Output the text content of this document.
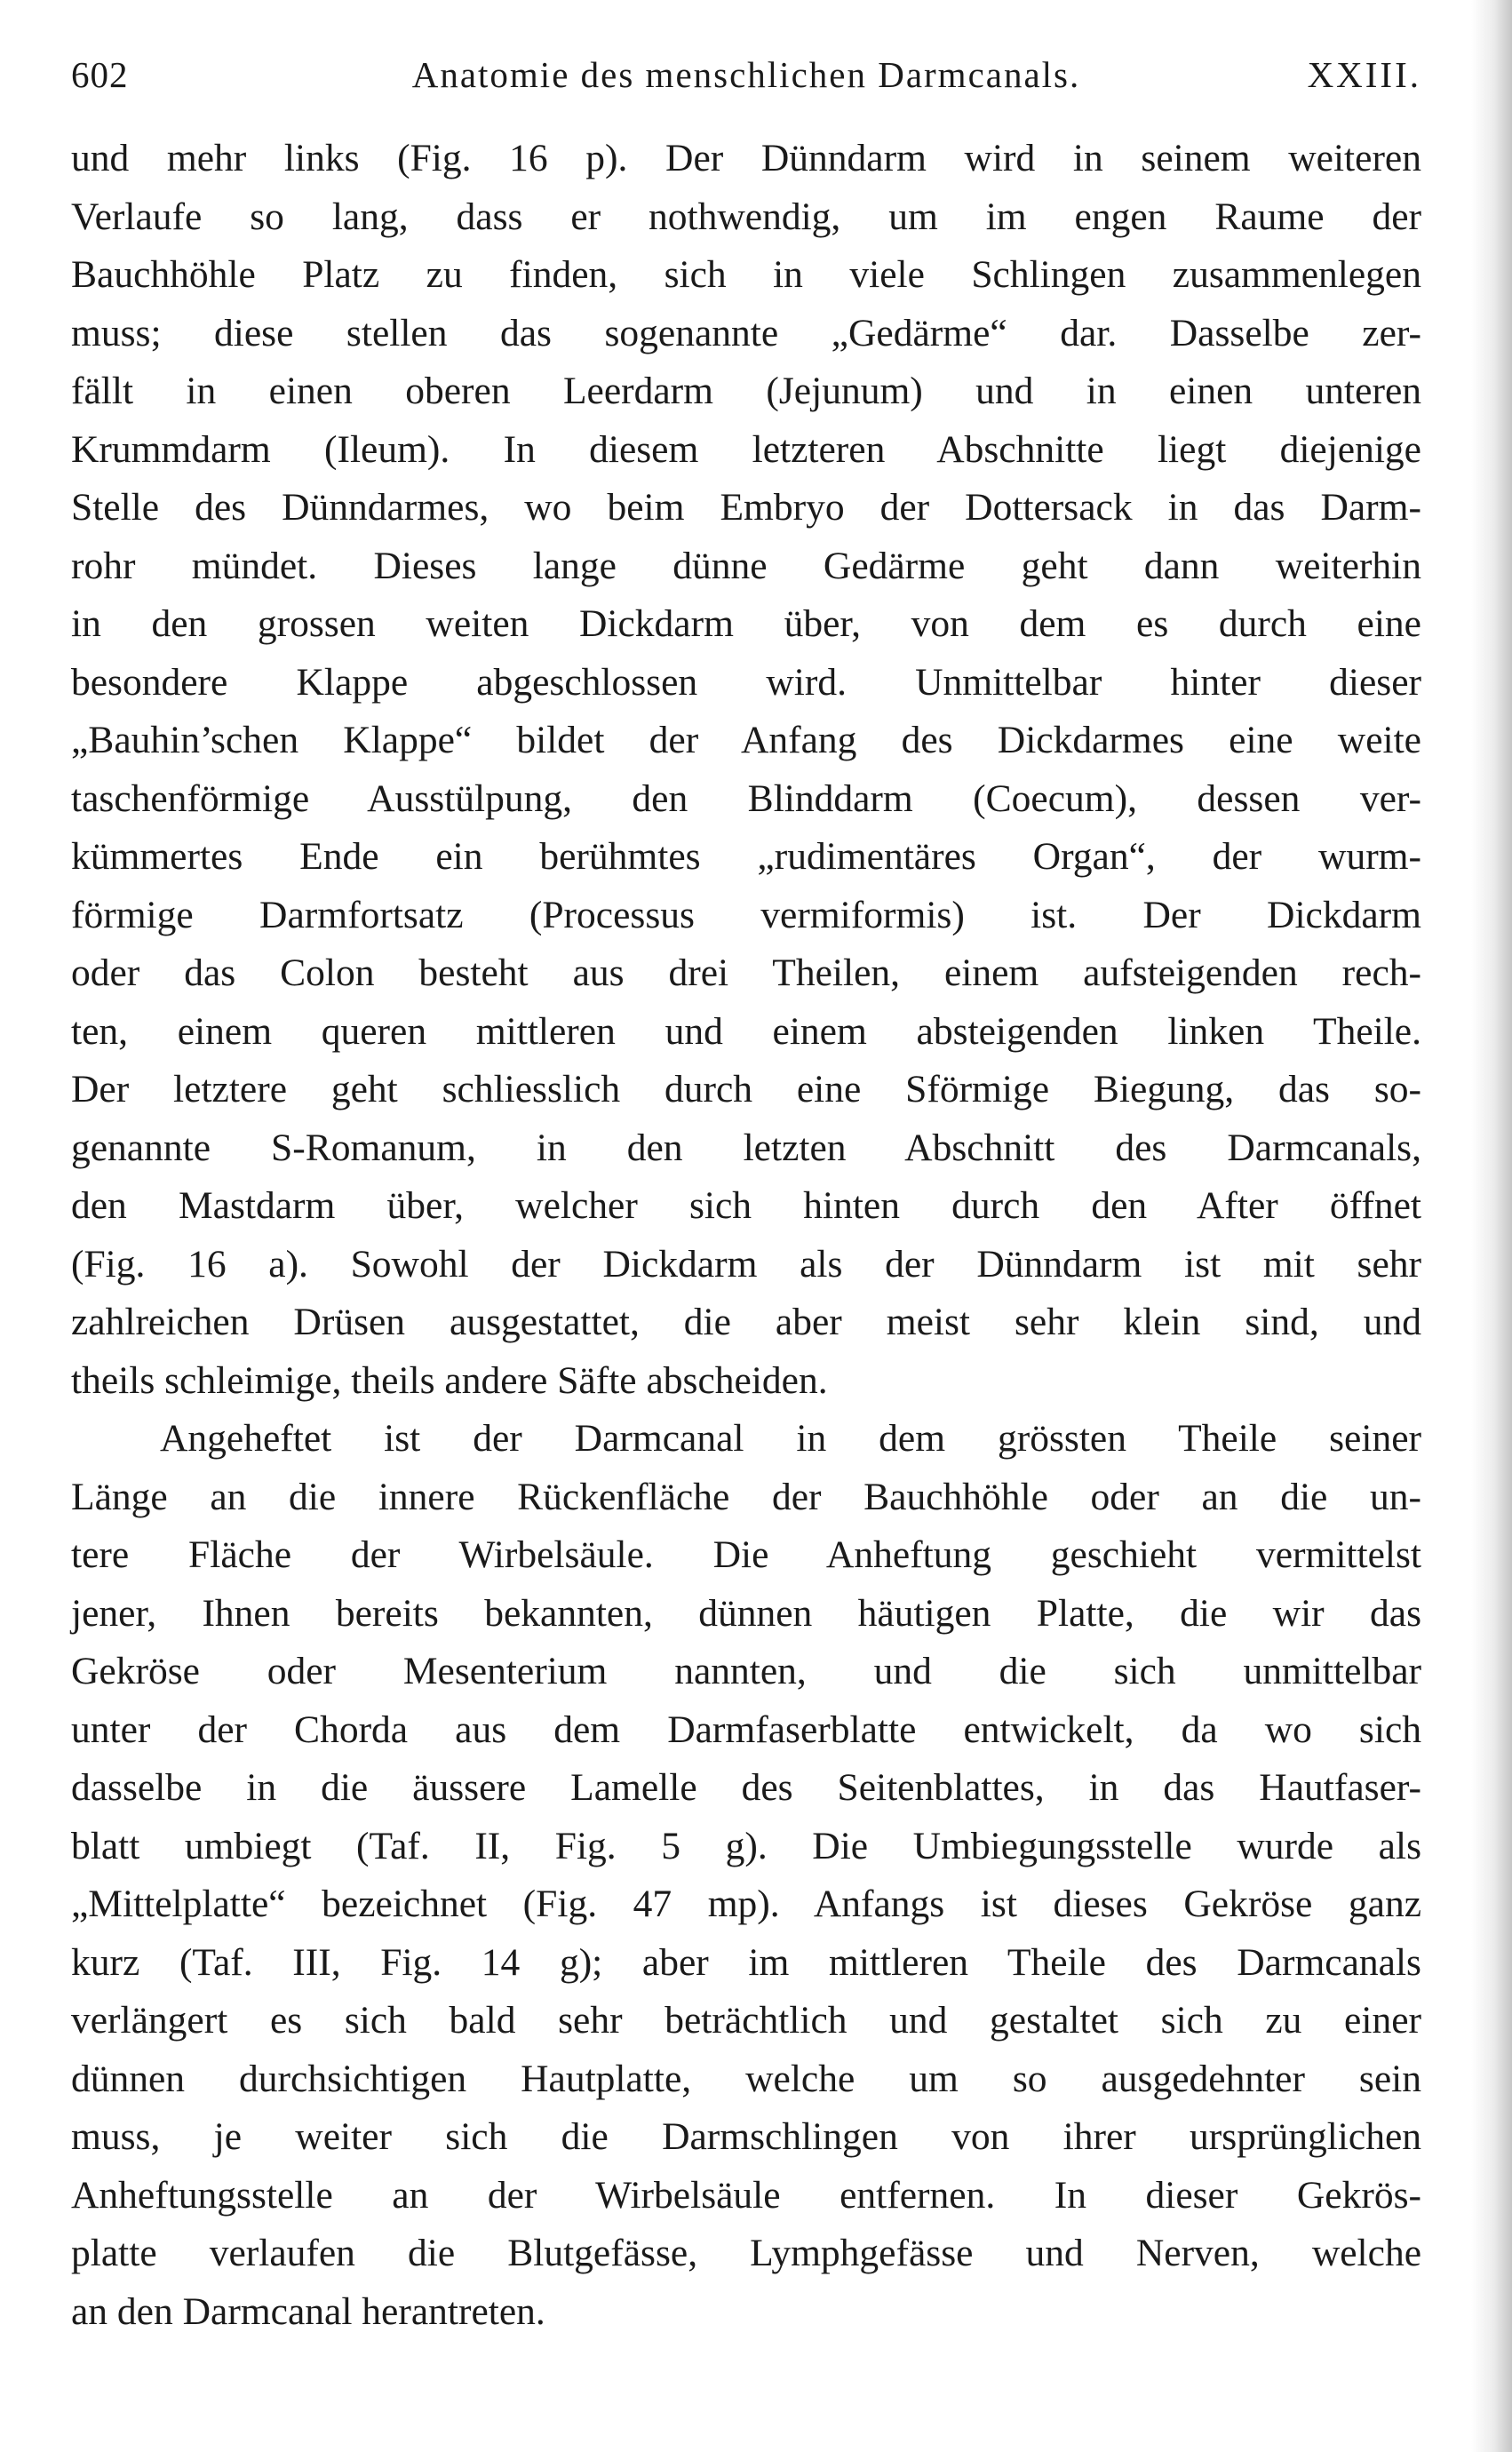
602	Anatomie des menschlichen Darmcanals.	XXIII.
und mehr links (Fig. 16 p). Der Dünndarm wird in seinem weiteren
Verlaufe so lang, dass er nothwendig, um im engen Raume der
Bauchhöhle Platz zu finden, sich in viele Schlingen zusammenlegen
muss; diese stellen das sogenannte „Gedärme“ dar. Dasselbe zer-
fällt in einen oberen Leerdarm (Jejunum) und in einen unteren
Krummdarm (Ileum). In diesem letzteren Abschnitte liegt diejenige
Stelle des Dünndarmes, wo beim Embryo der Dottersack in das Darm-
rohr mündet. Dieses lange dünne Gedärme geht dann weiterhin
in den grossen weiten Dickdarm über, von dem es durch eine
besondere Klappe abgeschlossen wird. Unmittelbar hinter dieser
„Bauhin’schen Klappe“ bildet der Anfang des Dickdarmes eine weite
taschenförmige Ausstülpung, den Blinddarm (Coecum), dessen ver-
kümmertes Ende ein berühmtes „rudimentäres Organ“, der wurm-
förmige Darmfortsatz (Processus vermiformis) ist. Der Dickdarm
oder das Colon besteht aus drei Theilen, einem aufsteigenden rech-
ten, einem queren mittleren und einem absteigenden linken Theile.
Der letztere geht schliesslich durch eine Sförmige Biegung, das so-
genannte S-Romanum, in den letzten Abschnitt des Darmcanals,
den Mastdarm über, welcher sich hinten durch den After öffnet
(Fig. 16 a). Sowohl der Dickdarm als der Dünndarm ist mit sehr
zahlreichen Drüsen ausgestattet, die aber meist sehr klein sind, und
theils schleimige, theils andere Säfte abscheiden.
Angeheftet ist der Darmcanal in dem grössten Theile seiner
Länge an die innere Rückenfläche der Bauchhöhle oder an die un-
tere Fläche der Wirbelsäule. Die Anheftung geschieht vermittelst
jener, Ihnen bereits bekannten, dünnen häutigen Platte, die wir das
Gekröse oder Mesenterium nannten, und die sich unmittelbar
unter der Chorda aus dem Darmfaserblatte entwickelt, da wo sich
dasselbe in die äussere Lamelle des Seitenblattes, in das Hautfaser-
blatt umbiegt (Taf. II, Fig. 5 g). Die Umbiegungsstelle wurde als
„Mittelplatte“ bezeichnet (Fig. 47 mp). Anfangs ist dieses Gekröse ganz
kurz (Taf. III, Fig. 14 g); aber im mittleren Theile des Darmcanals
verlängert es sich bald sehr beträchtlich und gestaltet sich zu einer
dünnen durchsichtigen Hautplatte, welche um so ausgedehnter sein
muss, je weiter sich die Darmschlingen von ihrer ursprünglichen
Anheftungsstelle an der Wirbelsäule entfernen. In dieser Gekrös-
platte verlaufen die Blutgefässe, Lymphgefässe und Nerven, welche
an den Darmcanal herantreten.
